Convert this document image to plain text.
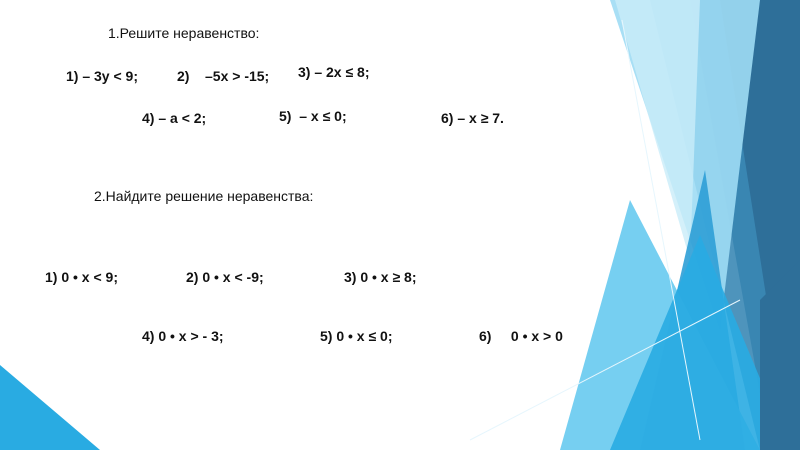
1.Решите неравенство:
1) – 3y < 9;	2)    –5x > -15; 3) – 2x ≤ 8;
4) – a < 2;	5)  – x ≤ 0;	6) – x ≥ 7.
2.Найдите решение неравенства:
1) 0 • x < 9;	2) 0 • x < -9;	3) 0 • x ≥ 8;
4) 0 • x > - 3;	5) 0 • x ≤ 0;	6)     0 • x > 0
